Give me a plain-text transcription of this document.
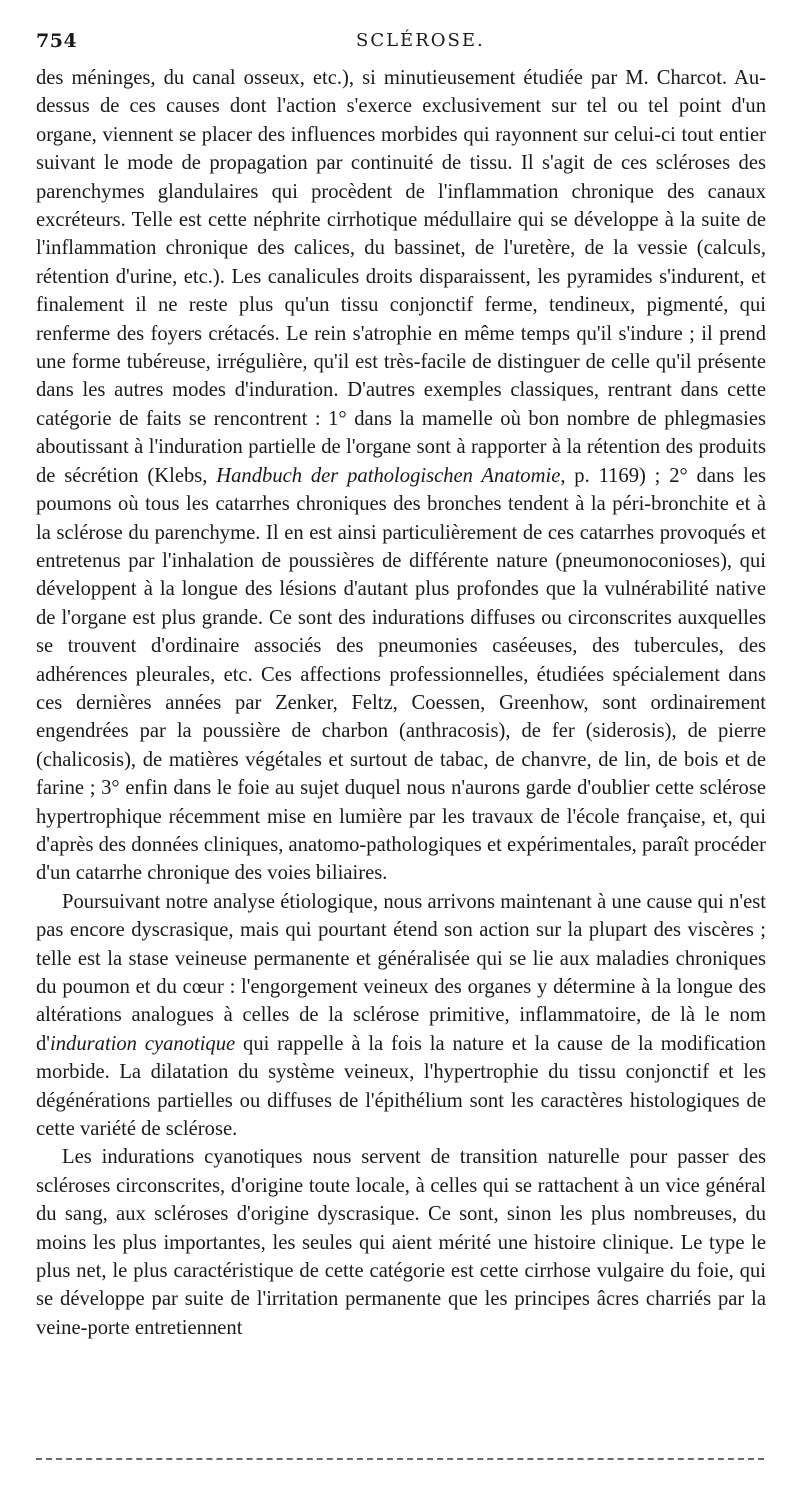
754	SCLÉROSE.

des méninges, du canal osseux, etc.), si minutieusement étudiée par M. Charcot. Au-dessus de ces causes dont l'action s'exerce exclusivement sur tel ou tel point d'un organe, viennent se placer des influences morbides qui rayonnent sur celui-ci tout entier suivant le mode de propagation par continuité de tissu. Il s'agit de ces scléroses des parenchymes glandulaires qui procèdent de l'inflammation chronique des canaux excréteurs. Telle est cette néphrite cirrhotique médullaire qui se développe à la suite de l'inflammation chronique des calices, du bassinet, de l'uretère, de la vessie (calculs, rétention d'urine, etc.). Les canalicules droits disparaissent, les pyramides s'indurent, et finalement il ne reste plus qu'un tissu conjonctif ferme, tendineux, pigmenté, qui renferme des foyers crétacés. Le rein s'atrophie en même temps qu'il s'indure ; il prend une forme tubéreuse, irrégulière, qu'il est très-facile de distinguer de celle qu'il présente dans les autres modes d'induration. D'autres exemples classiques, rentrant dans cette catégorie de faits se rencontrent : 1° dans la mamelle où bon nombre de phlegmasies aboutissant à l'induration partielle de l'organe sont à rapporter à la rétention des produits de sécrétion (Klebs, Handbuch der pathologischen Anatomie, p. 1169) ; 2° dans les poumons où tous les catarrhes chroniques des bronches tendent à la péri-bronchite et à la sclérose du parenchyme. Il en est ainsi particulièrement de ces catarrhes provoqués et entretenus par l'inhalation de poussières de différente nature (pneumonoconioses), qui développent à la longue des lésions d'autant plus profondes que la vulnérabilité native de l'organe est plus grande. Ce sont des indurations diffuses ou circonscrites auxquelles se trouvent d'ordinaire associés des pneumonies caséeuses, des tubercules, des adhérences pleurales, etc. Ces affections professionnelles, étudiées spécialement dans ces dernières années par Zenker, Feltz, Coessen, Greenhow, sont ordinairement engendrées par la poussière de charbon (anthracosis), de fer (siderosis), de pierre (chalicosis), de matières végétales et surtout de tabac, de chanvre, de lin, de bois et de farine ; 3° enfin dans le foie au sujet duquel nous n'aurons garde d'oublier cette sclérose hypertrophique récemment mise en lumière par les travaux de l'école française, et, qui d'après des données cliniques, anatomo-pathologiques et expérimentales, paraît procéder d'un catarrhe chronique des voies biliaires.

Poursuivant notre analyse étiologique, nous arrivons maintenant à une cause qui n'est pas encore dyscrasique, mais qui pourtant étend son action sur la plupart des viscères ; telle est la stase veineuse permanente et généralisée qui se lie aux maladies chroniques du poumon et du cœur : l'engorgement veineux des organes y détermine à la longue des altérations analogues à celles de la sclérose primitive, inflammatoire, de là le nom d'induration cyanotique qui rappelle à la fois la nature et la cause de la modification morbide. La dilatation du système veineux, l'hypertrophie du tissu conjonctif et les dégénérations partielles ou diffuses de l'épithélium sont les caractères histologiques de cette variété de sclérose.

Les indurations cyanotiques nous servent de transition naturelle pour passer des scléroses circonscrites, d'origine toute locale, à celles qui se rattachent à un vice général du sang, aux scléroses d'origine dyscrasique. Ce sont, sinon les plus nombreuses, du moins les plus importantes, les seules qui aient mérité une histoire clinique. Le type le plus net, le plus caractéristique de cette catégorie est cette cirrhose vulgaire du foie, qui se développe par suite de l'irritation permanente que les principes âcres charriés par la veine-porte entretiennent
